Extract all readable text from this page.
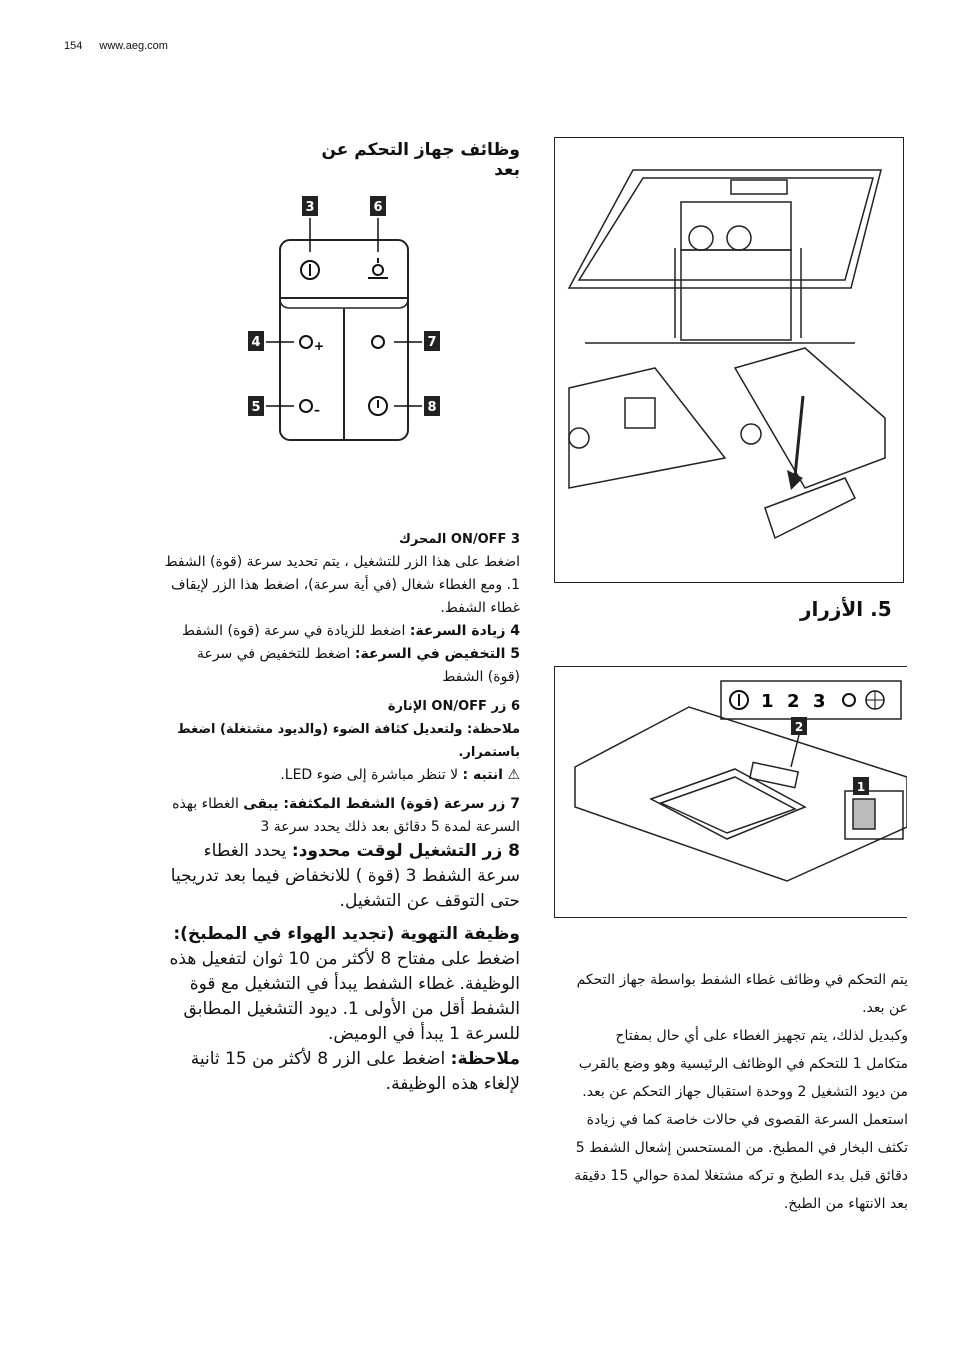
154 www.aeg.com
وظائف جهاز التحكم عن بعد
+
–
3	6
4	7
5	8
5. الأزرار
1 2 3
2
1

3 ON/OFF المحرك
اضغط على هذا الزر للتشغيل ، يتم تحديد سرعة (قوة) الشفط 1. ومع الغطاء شغال (في أية سرعة)، اضغط هذا الزر لإيقاف غطاء الشفط.

4 زيادة السرعة: اضغط للزيادة في سرعة (قوة) الشفط

5 التخفيض في السرعة: اضغط للتخفيض في سرعة (قوة) الشفط

6 زر ON/OFF الإنارة
ملاحظة: ولتعديل كثافة الضوء (والديود مشتغلة) اضغط باستمرار.

⚠ انتبه : لا تنظر مباشرة إلى ضوء LED.

7 زر سرعة (قوة) الشفط المكثفة: يبقى الغطاء بهذه السرعة لمدة 5 دقائق بعد ذلك يحدد سرعة 3

8 زر التشغيل لوقت محدود: يحدد الغطاء سرعة الشفط 3 (قوة ) للانخفاض فيما بعد تدريجيا حتى التوقف عن التشغيل.

وظيفة التهوية (تجديد الهواء في المطبخ): اضغط على مفتاح 8 لأكثر من 10 ثوان لتفعيل هذه الوظيفة. غطاء الشفط يبدأ في التشغيل مع قوة الشفط أقل من الأولى 1. ديود التشغيل المطابق للسرعة 1 يبدأ في الوميض.

ملاحظة: اضغط على الزر 8 لأكثر من 15 ثانية لإلغاء هذه الوظيفة.

يتم التحكم في وظائف غطاء الشفط بواسطة جهاز التحكم عن بعد.

وكبديل لذلك، يتم تجهيز الغطاء على أي حال بمفتاح متكامل 1 للتحكم في الوظائف الرئيسية وهو وضع بالقرب من ديود التشغيل 2 ووحدة استقبال جهاز التحكم عن بعد.

استعمل السرعة القصوى في حالات خاصة كما في زيادة تكثف البخار في المطبخ. من المستحسن إشعال الشفط 5 دقائق قبل بدء الطبخ و تركه مشتغلا لمدة حوالي 15 دقيقة بعد الانتهاء من الطبخ.
